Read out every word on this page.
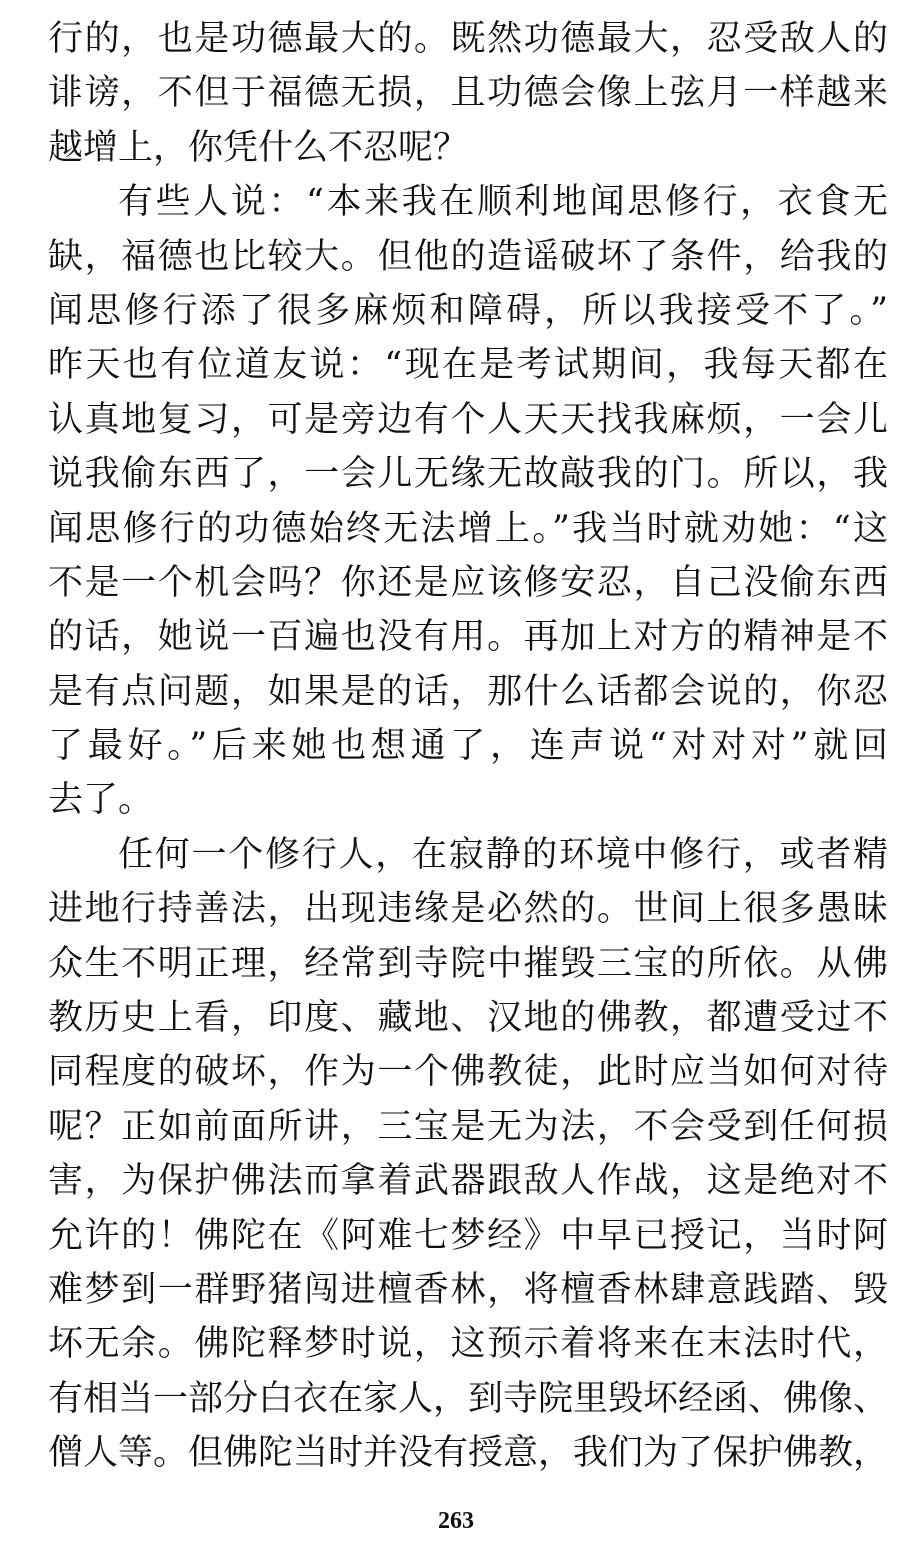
行的，也是功德最大的。既然功德最大，忍受敌人的
诽谤，不但于福德无损，且功德会像上弦月一样越来
越增上，你凭什么不忍呢？
有些人说：“本来我在顺利地闻思修行，衣食无
缺，福德也比较大。但他的造谣破坏了条件，给我的
闻思修行添了很多麻烦和障碍，所以我接受不了。”
昨天也有位道友说：“现在是考试期间，我每天都在
认真地复习，可是旁边有个人天天找我麻烦，一会儿
说我偷东西了，一会儿无缘无故敲我的门。所以，我
闻思修行的功德始终无法增上。”我当时就劝她：“这
不是一个机会吗？你还是应该修安忍，自己没偷东西
的话，她说一百遍也没有用。再加上对方的精神是不
是有点问题，如果是的话，那什么话都会说的，你忍
了最好。”后来她也想通了，连声说“对对对”就回
去了。
任何一个修行人，在寂静的环境中修行，或者精
进地行持善法，出现违缘是必然的。世间上很多愚昧
众生不明正理，经常到寺院中摧毁三宝的所依。从佛
教历史上看，印度、藏地、汉地的佛教，都遭受过不
同程度的破坏，作为一个佛教徒，此时应当如何对待
呢？正如前面所讲，三宝是无为法，不会受到任何损
害，为保护佛法而拿着武器跟敌人作战，这是绝对不
允许的！佛陀在《阿难七梦经》中早已授记，当时阿
难梦到一群野猪闯进檀香林，将檀香林肆意践踏、毁
坏无余。佛陀释梦时说，这预示着将来在末法时代，
有相当一部分白衣在家人，到寺院里毁坏经函、佛像、
僧人等。但佛陀当时并没有授意，我们为了保护佛教，
263
